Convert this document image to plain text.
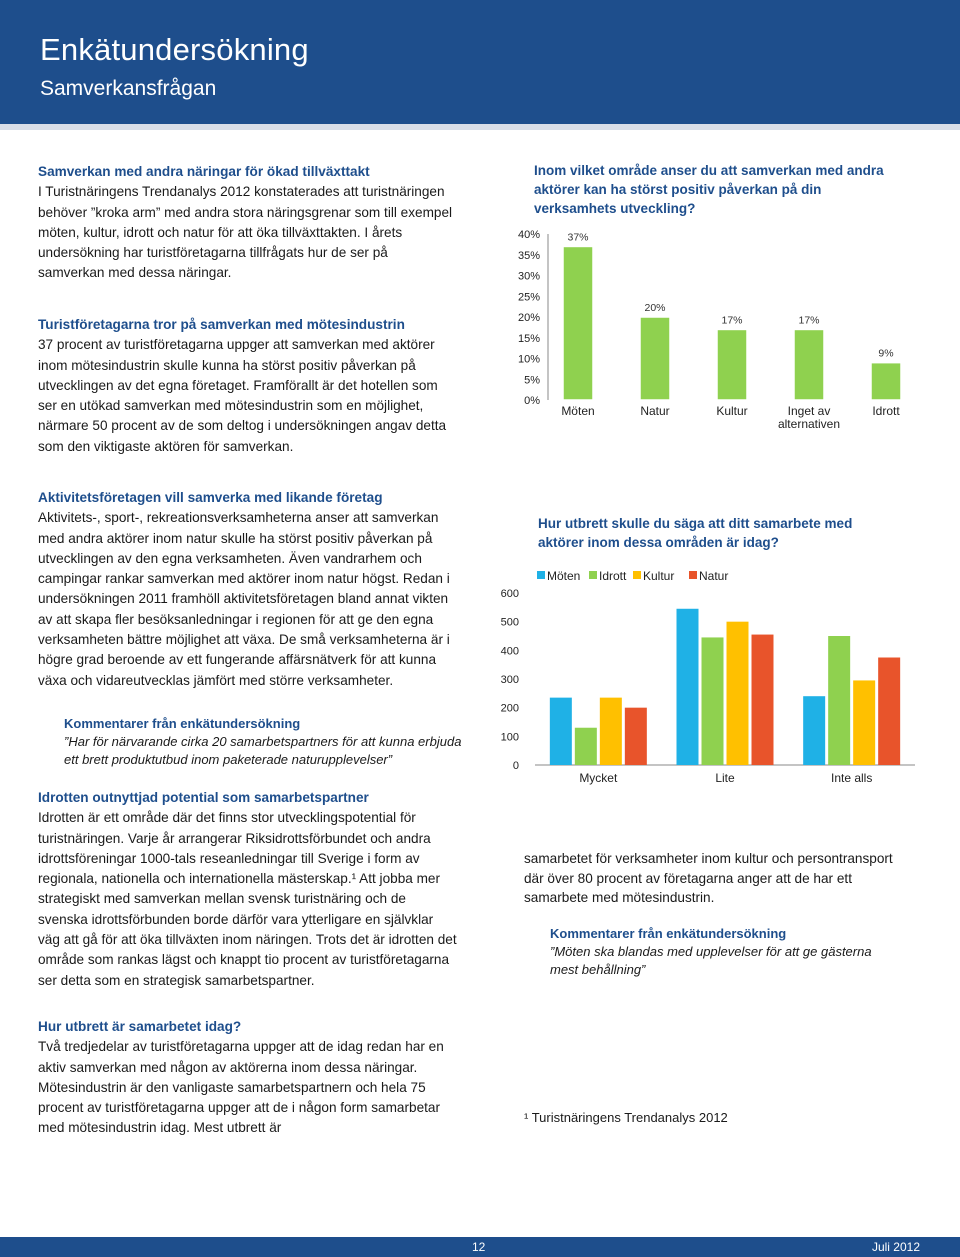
Enkätundersökning
Samverkansfrågan

Samverkan med andra näringar för ökad tillväxttakt

I Turistnäringens Trendanalys 2012 konstaterades att turistnäringen behöver ”kroka arm” med andra stora näringsgrenar som till exempel möten, kultur, idrott och natur för att öka tillväxttakten. I årets undersökning har turistföretagarna tillfrågats hur de ser på samverkan med dessa näringar.

Turistföretagarna tror på samverkan med mötesindustrin

37 procent av turistföretagarna uppger att samverkan med aktörer inom mötesindustrin skulle kunna ha störst positiv påverkan på utvecklingen av det egna företaget. Framförallt är det hotellen som ser en utökad samverkan med mötesindustrin som en möjlighet, närmare 50 procent av de som deltog i undersökningen angav detta som den viktigaste aktören för samverkan.

Aktivitetsföretagen vill samverka med likande företag

Aktivitets-, sport-, rekreationsverksamheterna anser att samverkan med andra aktörer inom natur skulle ha störst positiv påverkan på utvecklingen av den egna verksamheten. Även vandrarhem och campingar rankar samverkan med aktörer inom natur högst. Redan i undersökningen 2011 framhöll aktivitetsföretagen bland annat vikten av att skapa fler besöksanledningar i regionen för att ge den egna verksamheten bättre möjlighet att växa. De små verksamheterna är i högre grad beroende av ett fungerande affärsnätverk för att kunna växa och vidareutvecklas jämfört med större verksamheter.

Kommentarer från enkätundersökning

”Har för närvarande cirka 20 samarbetspartners för att kunna erbjuda ett brett produktutbud inom paketerade naturupplevelser”

Idrotten outnyttjad potential som samarbetspartner

Idrotten är ett område där det finns stor utvecklingspotential för turistnäringen. Varje år arrangerar Riksidrottsförbundet och andra idrottsföreningar 1000-tals reseanledningar till Sverige i form av regionala, nationella och internationella mästerskap.¹ Att jobba mer strategiskt med samverkan mellan svensk turistnäring och de svenska idrottsförbunden borde därför vara ytterligare en självklar väg att gå för att öka tillväxten inom näringen. Trots det är idrotten det område som rankas lägst och knappt tio procent av turistföretagarna ser detta som en strategisk samarbetspartner.

Hur utbrett är samarbetet idag?

Två tredjedelar av turistföretagarna uppger att de idag redan har en aktiv samverkan med någon av aktörerna inom dessa näringar. Mötesindustrin är den vanligaste samarbetspartnern och hela 75 procent av turistföretagarna uppger att de i någon form samarbetar med mötesindustrin idag. Mest utbrett är

Inom vilket område anser du att samverkan med andra aktörer kan ha störst positiv påverkan på din verksamhets utveckling?
0%
5%
10%
15%
20%
25%
30%
35%
40%	37%
Möten
20%
Natur
17%
Kultur
17%
Inget av
alternativen
9%
Idrott
Hur utbrett skulle du säga att ditt samarbete med aktörer inom dessa områden är idag?
0
100
200
300
400
500
600
Möten Idrott Kultur Natur
Mycket	Lite	Inte alls
samarbetet för verksamheter inom kultur och persontransport där över 80 procent av företagarna anger att de har ett samarbete med mötesindustrin.

Kommentarer från enkätundersökning

”Möten ska blandas med upplevelser för att ge gästerna mest behållning”

¹ Turistnäringens Trendanalys 2012
12	Juli 2012
